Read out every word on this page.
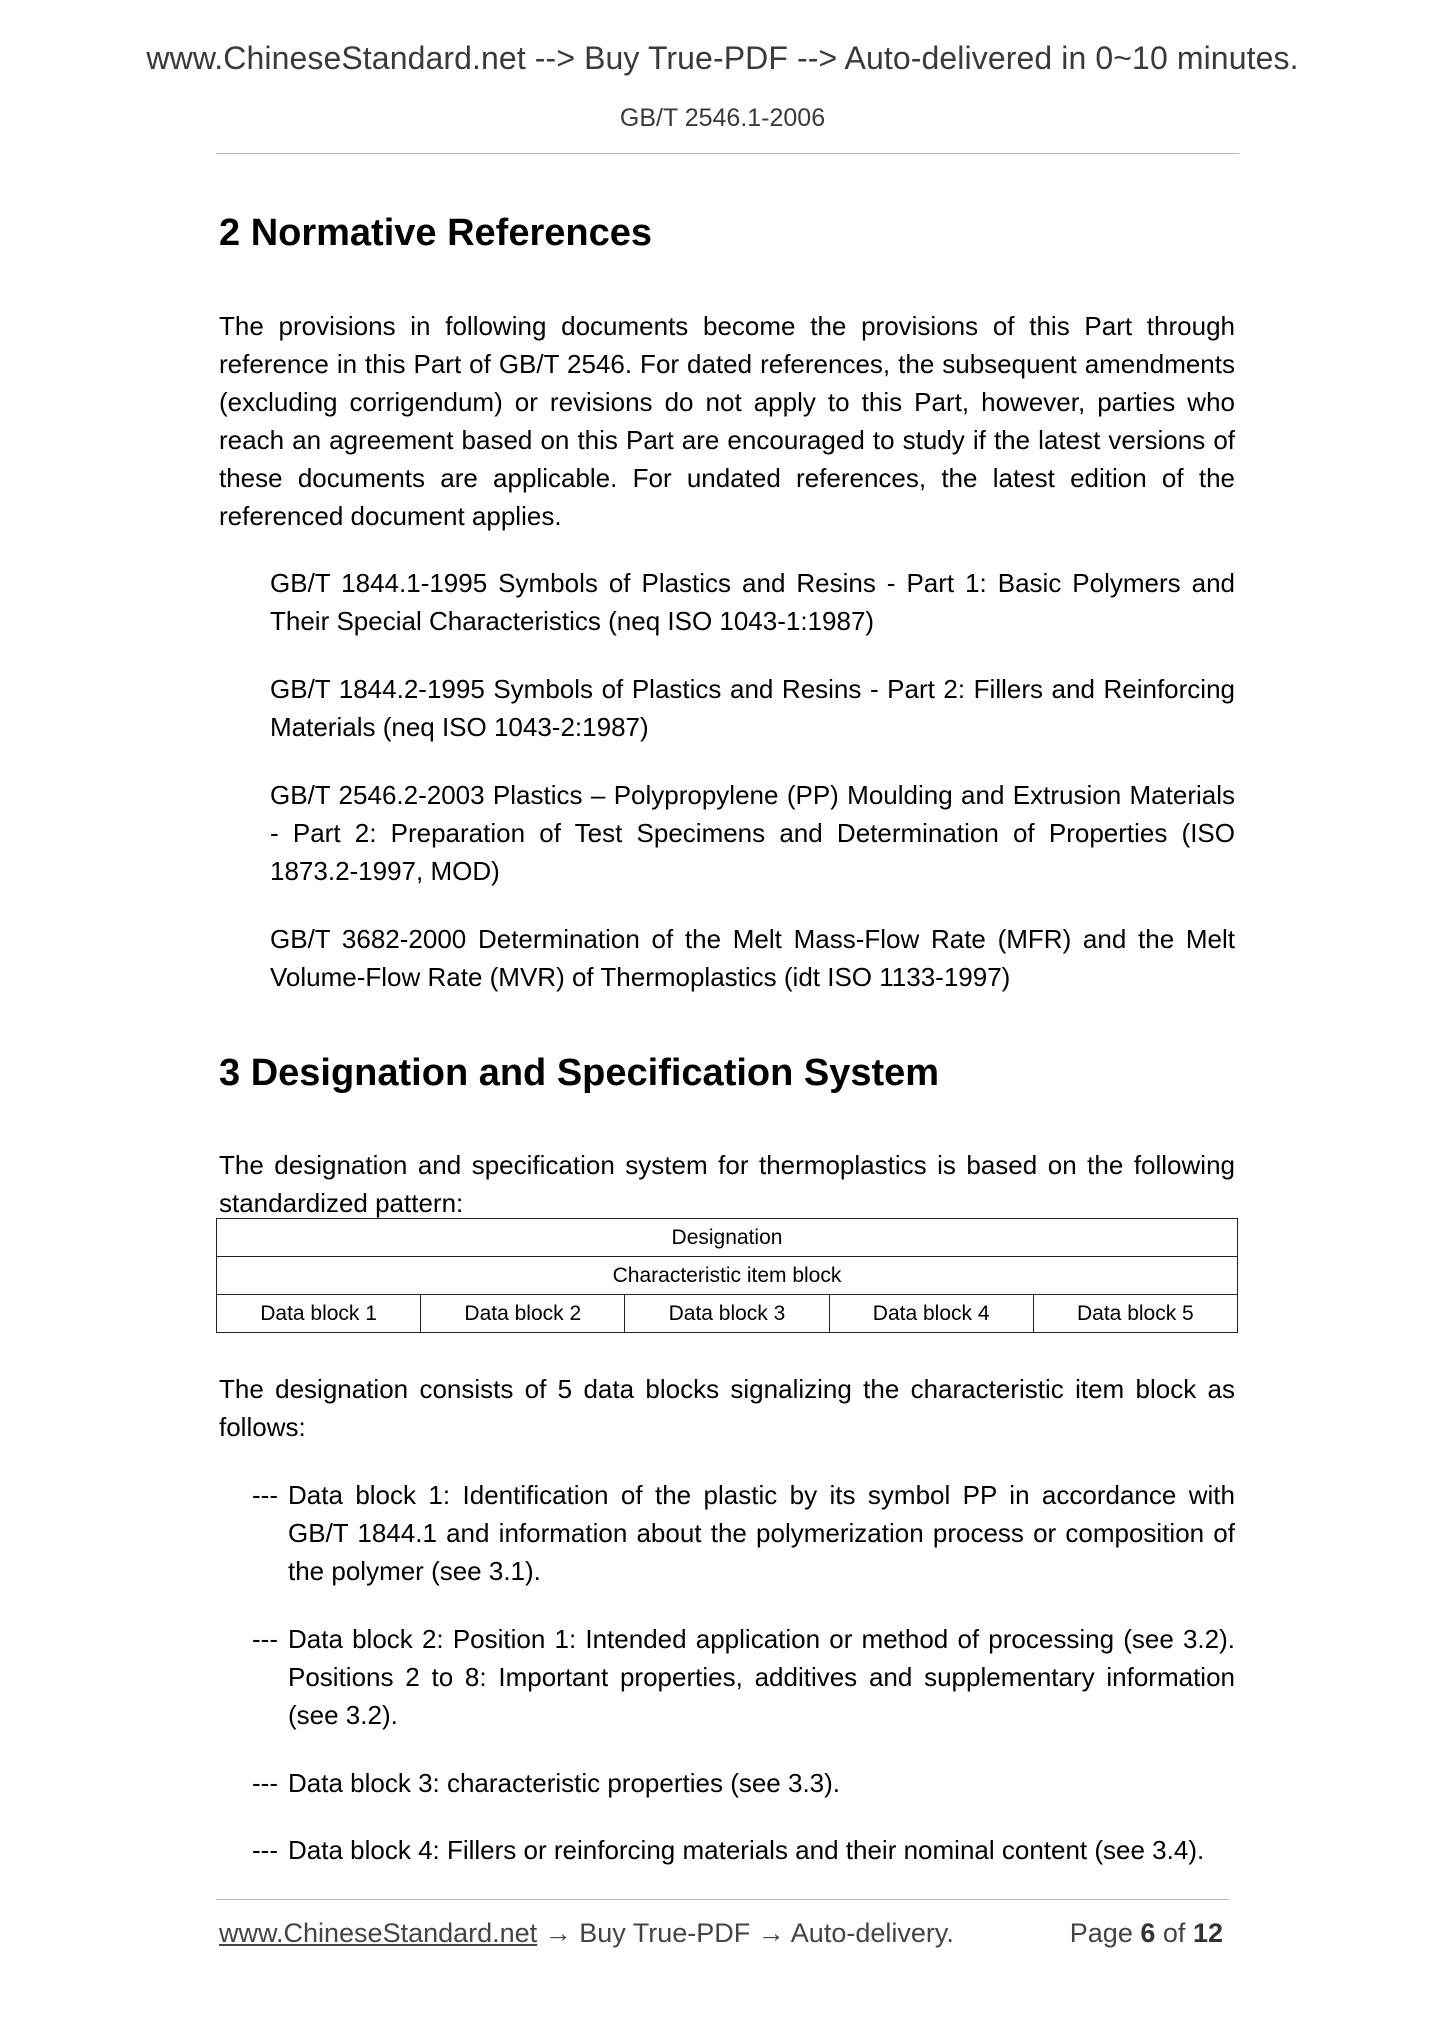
www.ChineseStandard.net --> Buy True-PDF --> Auto-delivered in 0~10 minutes.
GB/T 2546.1-2006
2 Normative References

The provisions in following documents become the provisions of this Part through reference in this Part of GB/T 2546. For dated references, the subsequent amendments (excluding corrigendum) or revisions do not apply to this Part, however, parties who reach an agreement based on this Part are encouraged to study if the latest versions of these documents are applicable. For undated references, the latest edition of the referenced document applies.

GB/T 1844.1-1995 Symbols of Plastics and Resins - Part 1: Basic Polymers and Their Special Characteristics (neq ISO 1043-1:1987)

GB/T 1844.2-1995 Symbols of Plastics and Resins - Part 2: Fillers and Reinforcing Materials (neq ISO 1043-2:1987)

GB/T 2546.2-2003 Plastics – Polypropylene (PP) Moulding and Extrusion Materials - Part 2: Preparation of Test Specimens and Determination of Properties (ISO 1873.2-1997, MOD)

GB/T 3682-2000 Determination of the Melt Mass-Flow Rate (MFR) and the Melt Volume-Flow Rate (MVR) of Thermoplastics (idt ISO 1133-1997)

3 Designation and Specification System

The designation and specification system for thermoplastics is based on the following standardized pattern:

Designation
Characteristic item block
Data block 1	Data block 2	Data block 3	Data block 4	Data block 5

The designation consists of 5 data blocks signalizing the characteristic item block as follows:

--- Data block 1: Identification of the plastic by its symbol PP in accordance with GB/T 1844.1 and information about the polymerization process or composition of the polymer (see 3.1).

--- Data block 2: Position 1: Intended application or method of processing (see 3.2). Positions 2 to 8: Important properties, additives and supplementary information (see 3.2).

--- Data block 3: characteristic properties (see 3.3).

--- Data block 4: Fillers or reinforcing materials and their nominal content (see 3.4).

www.ChineseStandard.net → Buy True-PDF → Auto-delivery.	Page 6 of 12
